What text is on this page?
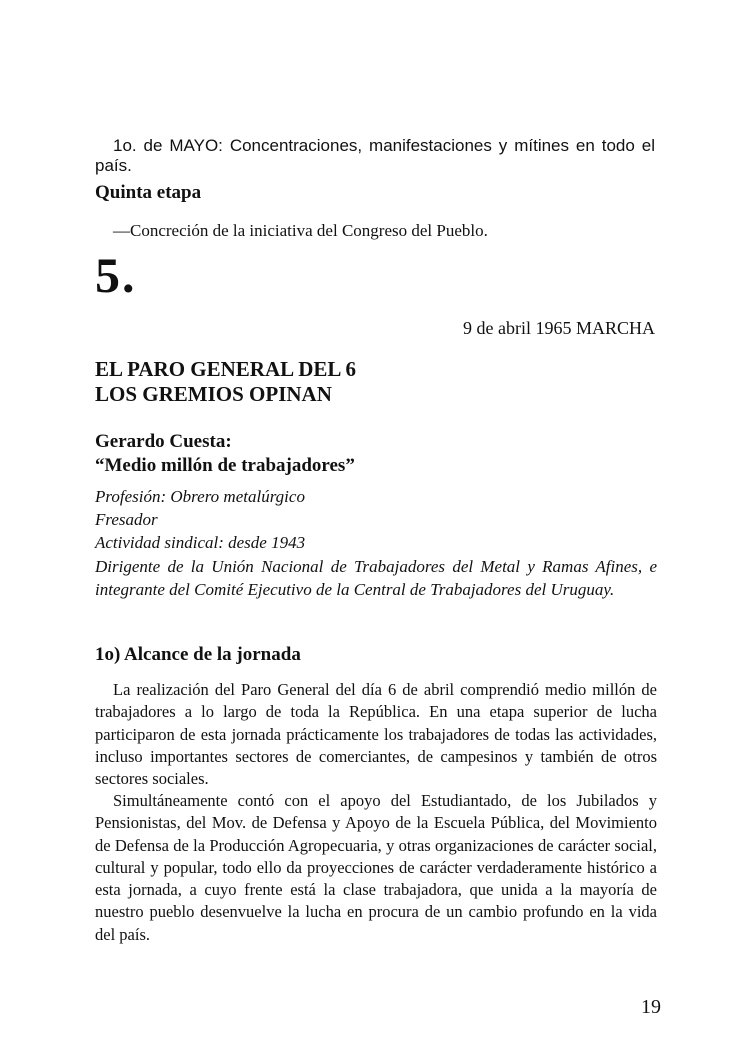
1o. de MAYO: Concentraciones, manifestaciones y mítines en todo el país.

Quinta etapa

—Concreción de la iniciativa del Congreso del Pueblo.

5.
9 de abril 1965 MARCHA
EL PARO GENERAL DEL 6
LOS GREMIOS OPINAN
Gerardo Cuesta:
“Medio millón de trabajadores”
Profesión: Obrero metalúrgico
Fresador
Actividad sindical: desde 1943

Dirigente de la Unión Nacional de Trabajadores del Metal y Ramas Afines, e integrante del Comité Ejecutivo de la Central de Trabajadores del Uruguay.

1o) Alcance de la jornada

La realización del Paro General del día 6 de abril comprendió medio millón de trabajadores a lo largo de toda la República. En una etapa superior de lucha participaron de esta jornada prácticamente los trabajadores de todas las actividades, incluso importantes sectores de comerciantes, de campesinos y también de otros sectores sociales.

Simultáneamente contó con el apoyo del Estudiantado, de los Jubilados y Pensionistas, del Mov. de Defensa y Apoyo de la Escuela Pública, del Movimiento de Defensa de la Producción Agropecuaria, y otras organizaciones de carácter social, cultural y popular, todo ello da proyecciones de carácter verdaderamente histórico a esta jornada, a cuyo frente está la clase trabajadora, que unida a la mayoría de nuestro pueblo desenvuelve la lucha en procura de un cambio profundo en la vida del país.

19
